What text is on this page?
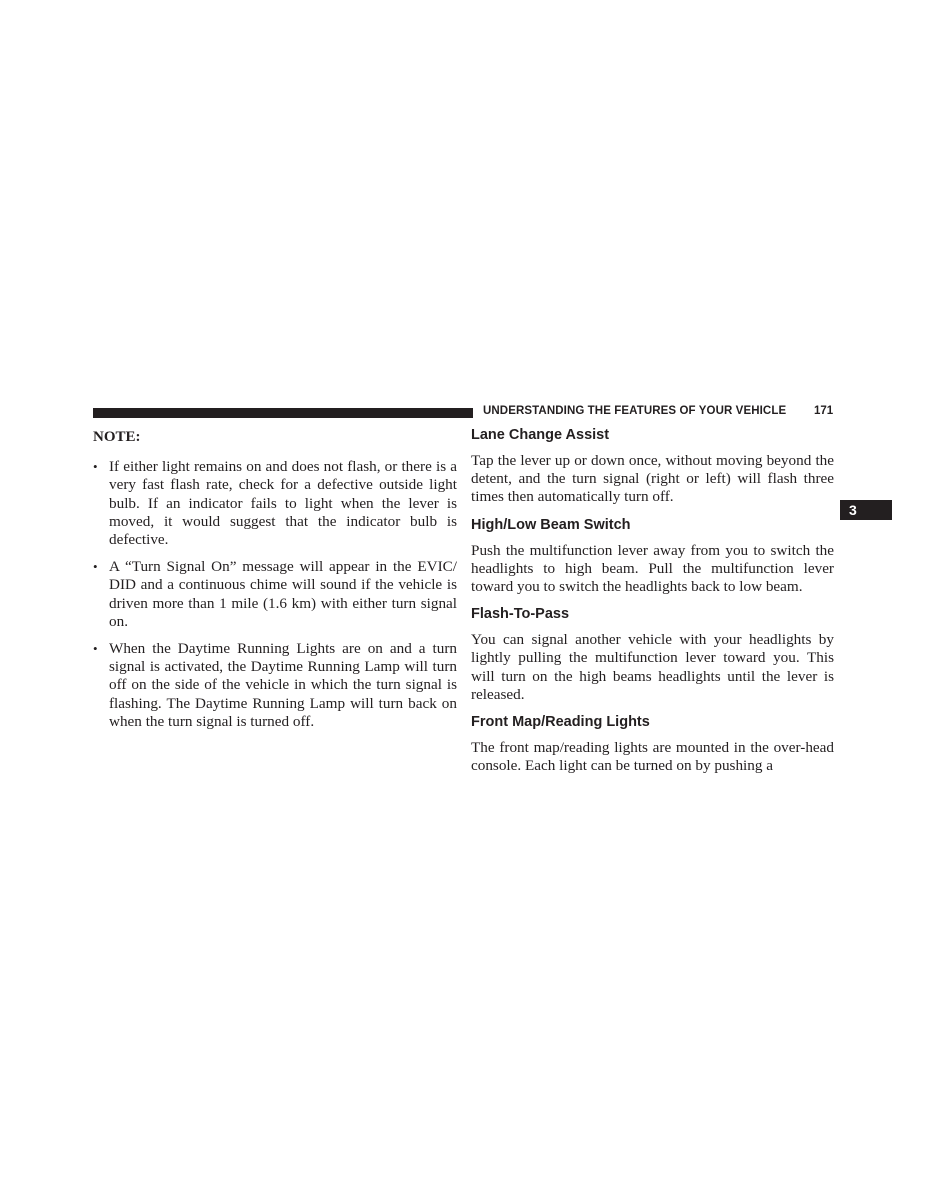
UNDERSTANDING THE FEATURES OF YOUR VEHICLE 171
3
NOTE:
• If either light remains on and does not flash, or there is a very fast flash rate, check for a defective outside light bulb. If an indicator fails to light when the lever is moved, it would suggest that the indicator bulb is defective.
• A “Turn Signal On” message will appear in the EVIC/ DID and a continuous chime will sound if the vehicle is driven more than 1 mile (1.6 km) with either turn signal on.
• When the Daytime Running Lights are on and a turn signal is activated, the Daytime Running Lamp will turn off on the side of the vehicle in which the turn signal is flashing. The Daytime Running Lamp will turn back on when the turn signal is turned off.
Lane Change Assist

Tap the lever up or down once, without moving beyond the detent, and the turn signal (right or left) will flash three times then automatically turn off.

High/Low Beam Switch

Push the multifunction lever away from you to switch the headlights to high beam. Pull the multifunction lever toward you to switch the headlights back to low beam.

Flash-To-Pass

You can signal another vehicle with your headlights by lightly pulling the multifunction lever toward you. This will turn on the high beams headlights until the lever is released.

Front Map/Reading Lights

The front map/reading lights are mounted in the over-head console. Each light can be turned on by pushing a
